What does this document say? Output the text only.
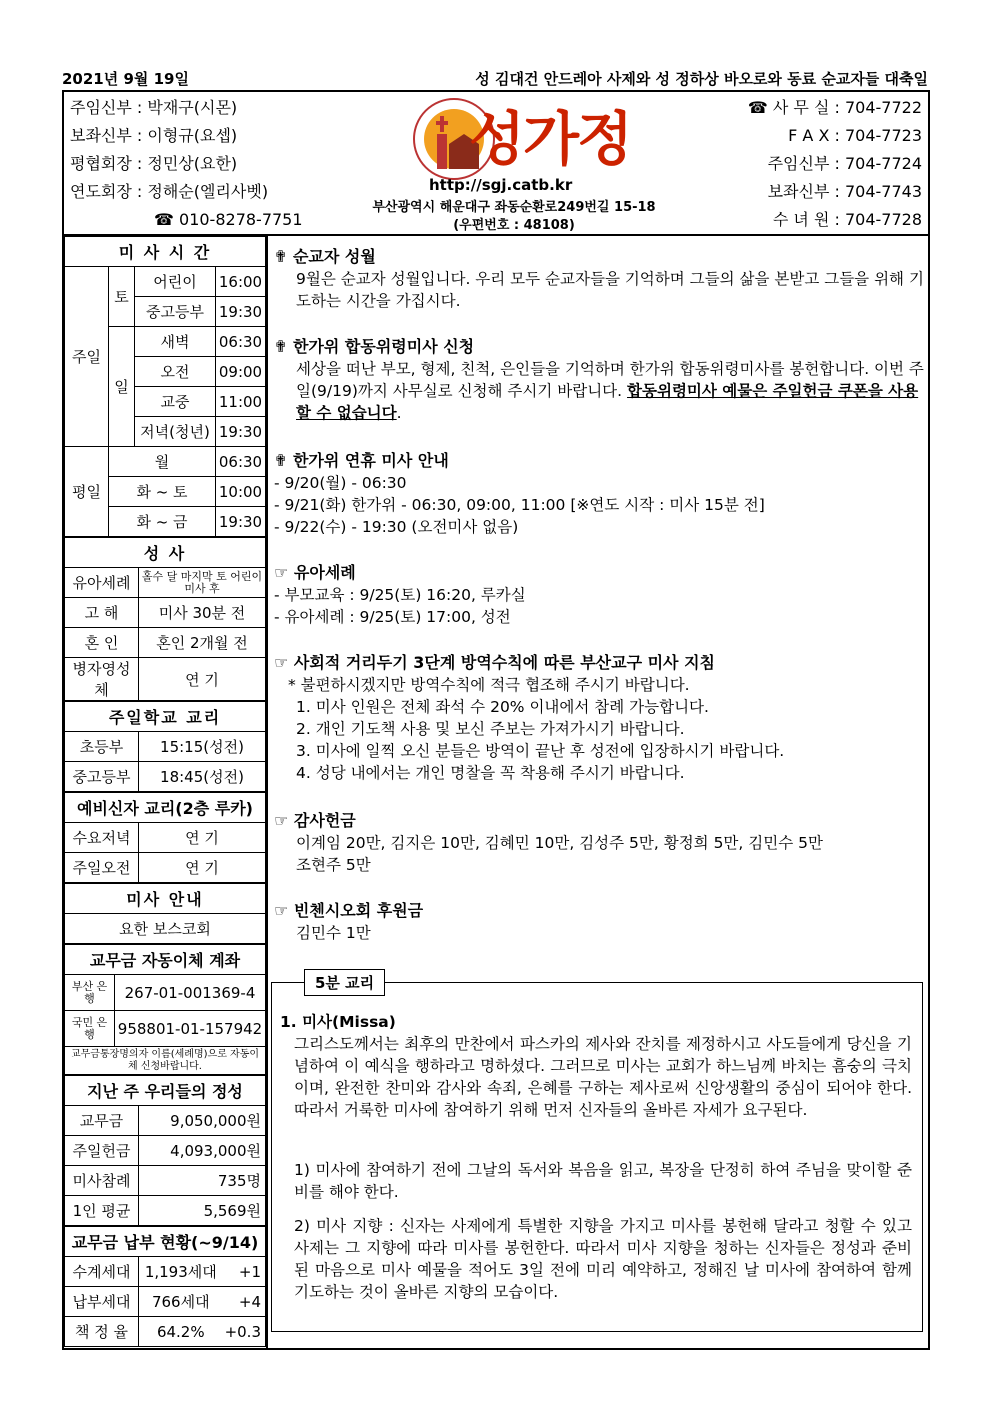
2021년 9월 19일	성 김대건 안드레아 사제와 성 정하상 바오로와 동료 순교자들 대축일
주임신부 : 박재구(시몬)
보좌신부 : 이형규(요셉)
평협회장 : 정민상(요한)
연도회장 : 정해순(엘리사벳)
☎ 010-8278-7751
성가정
http://sgj.catb.kr
부산광역시 해운대구 좌동순환로249번길 15-18
(우편번호 : 48108)
☎ 사 무 실 : 704-7722
F A X : 704-7723
주임신부 : 704-7724
보좌신부 : 704-7743
수 녀 원 : 704-7728
미 사 시 간			
주일	토	어린이	16:00
		중고등부	19:30
	일	새벽	06:30
		오전	09:00
		교중	11:00
		저녁(청년)	19:30
평일	월		06:30
	화 ~ 토		10:00
	화 ~ 금		19:30
성 사	
유아세례	홀수 달 마지막 토 어린이 미사 후
고 해	미사 30분 전
혼 인	혼인 2개월 전
병자영성체	연 기
주일학교 교리	
초등부	15:15(성전)
중고등부	18:45(성전)
예비신자 교리(2층 루카)	
수요저녁	연 기
주일오전	연 기
미사 안내
요한 보스코회
교무금 자동이체 계좌	
부산 은행	267-01-001369-4
국민 은행	958801-01-157942
교무금통장명의자 이름(세례명)으로 자동이체 신청바랍니다.	
지난 주 우리들의 정성	
교무금	9,050,000원
주일헌금	4,093,000원
미사참례	735명
1인 평균	5,569원
교무금 납부 현황(~9/14)		
수계세대	1,193세대	+1
납부세대	766세대	+4
책 정 율	64.2%	+0.3
✟ 순교자 성월

9월은 순교자 성월입니다. 우리 모두 순교자들을 기억하며 그들의 삶을 본받고 그들을 위해 기도하는 시간을 가집시다.

✟ 한가위 합동위령미사 신청

세상을 떠난 부모, 형제, 친척, 은인들을 기억하며 한가위 합동위령미사를 봉헌합니다. 이번 주일(9/19)까지 사무실로 신청해 주시기 바랍니다. 합동위령미사 예물은 주일헌금 쿠폰을 사용할 수 없습니다.

✟ 한가위 연휴 미사 안내

- 9/20(월) - 06:30

- 9/21(화) 한가위 - 06:30, 09:00, 11:00 [※연도 시작 : 미사 15분 전]

- 9/22(수) - 19:30 (오전미사 없음)

☞ 유아세례

- 부모교육 : 9/25(토) 16:20, 루카실

- 유아세례 : 9/25(토) 17:00, 성전

☞ 사회적 거리두기 3단계 방역수칙에 따른 부산교구 미사 지침

* 불편하시겠지만 방역수칙에 적극 협조해 주시기 바랍니다.

1. 미사 인원은 전체 좌석 수 20% 이내에서 참례 가능합니다.

2. 개인 기도책 사용 및 보신 주보는 가져가시기 바랍니다.

3. 미사에 일찍 오신 분들은 방역이 끝난 후 성전에 입장하시기 바랍니다.

4. 성당 내에서는 개인 명찰을 꼭 착용해 주시기 바랍니다.

☞ 감사헌금

이계임 20만, 김지은 10만, 김혜민 10만, 김성주 5만, 황정희 5만, 김민수 5만

조현주 5만

☞ 빈첸시오회 후원금

김민수 1만

5분 교리

1. 미사(Missa)

그리스도께서는 최후의 만찬에서 파스카의 제사와 잔치를 제정하시고 사도들에게 당신을 기념하여 이 예식을 행하라고 명하셨다. 그러므로 미사는 교회가 하느님께 바치는 흠숭의 극치이며, 완전한 찬미와 감사와 속죄, 은혜를 구하는 제사로써 신앙생활의 중심이 되어야 한다. 따라서 거룩한 미사에 참여하기 위해 먼저 신자들의 올바른 자세가 요구된다.

1) 미사에 참여하기 전에 그날의 독서와 복음을 읽고, 복장을 단정히 하여 주님을 맞이할 준비를 해야 한다.

2) 미사 지향 : 신자는 사제에게 특별한 지향을 가지고 미사를 봉헌해 달라고 청할 수 있고 사제는 그 지향에 따라 미사를 봉헌한다. 따라서 미사 지향을 청하는 신자들은 정성과 준비된 마음으로 미사 예물을 적어도 3일 전에 미리 예약하고, 정해진 날 미사에 참여하여 함께 기도하는 것이 올바른 지향의 모습이다.
